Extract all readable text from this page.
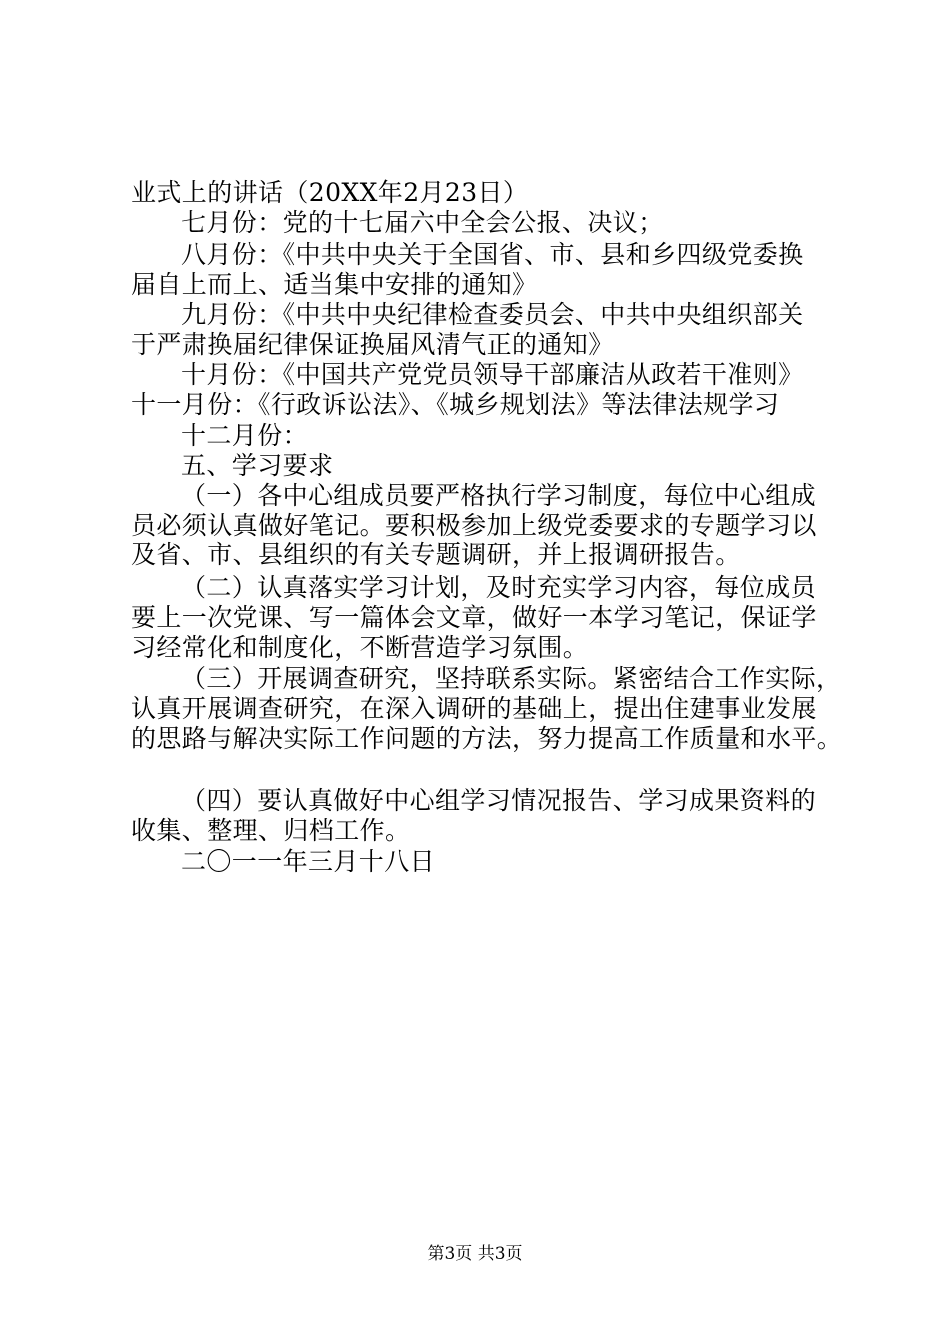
业式上的讲话（20XX年2月23日）
七月份：党的十七届六中全会公报、决议；
八月份：《中共中央关于全国省、市、县和乡四级党委换
届自上而上、适当集中安排的通知》
九月份：《中共中央纪律检查委员会、中共中央组织部关
于严肃换届纪律保证换届风清气正的通知》
十月份：《中国共产党党员领导干部廉洁从政若干准则》
十一月份：《行政诉讼法》、《城乡规划法》等法律法规学习
十二月份：
五、学习要求
（一）各中心组成员要严格执行学习制度，每位中心组成
员必须认真做好笔记。要积极参加上级党委要求的专题学习以
及省、市、县组织的有关专题调研，并上报调研报告。
（二）认真落实学习计划，及时充实学习内容，每位成员
要上一次党课、写一篇体会文章，做好一本学习笔记，保证学
习经常化和制度化，不断营造学习氛围。
（三）开展调查研究，坚持联系实际。紧密结合工作实际，
认真开展调查研究，在深入调研的基础上，提出住建事业发展
的思路与解决实际工作问题的方法，努力提高工作质量和水平。
（四）要认真做好中心组学习情况报告、学习成果资料的
收集、整理、归档工作。
二〇一一年三月十八日
第3页 共3页
